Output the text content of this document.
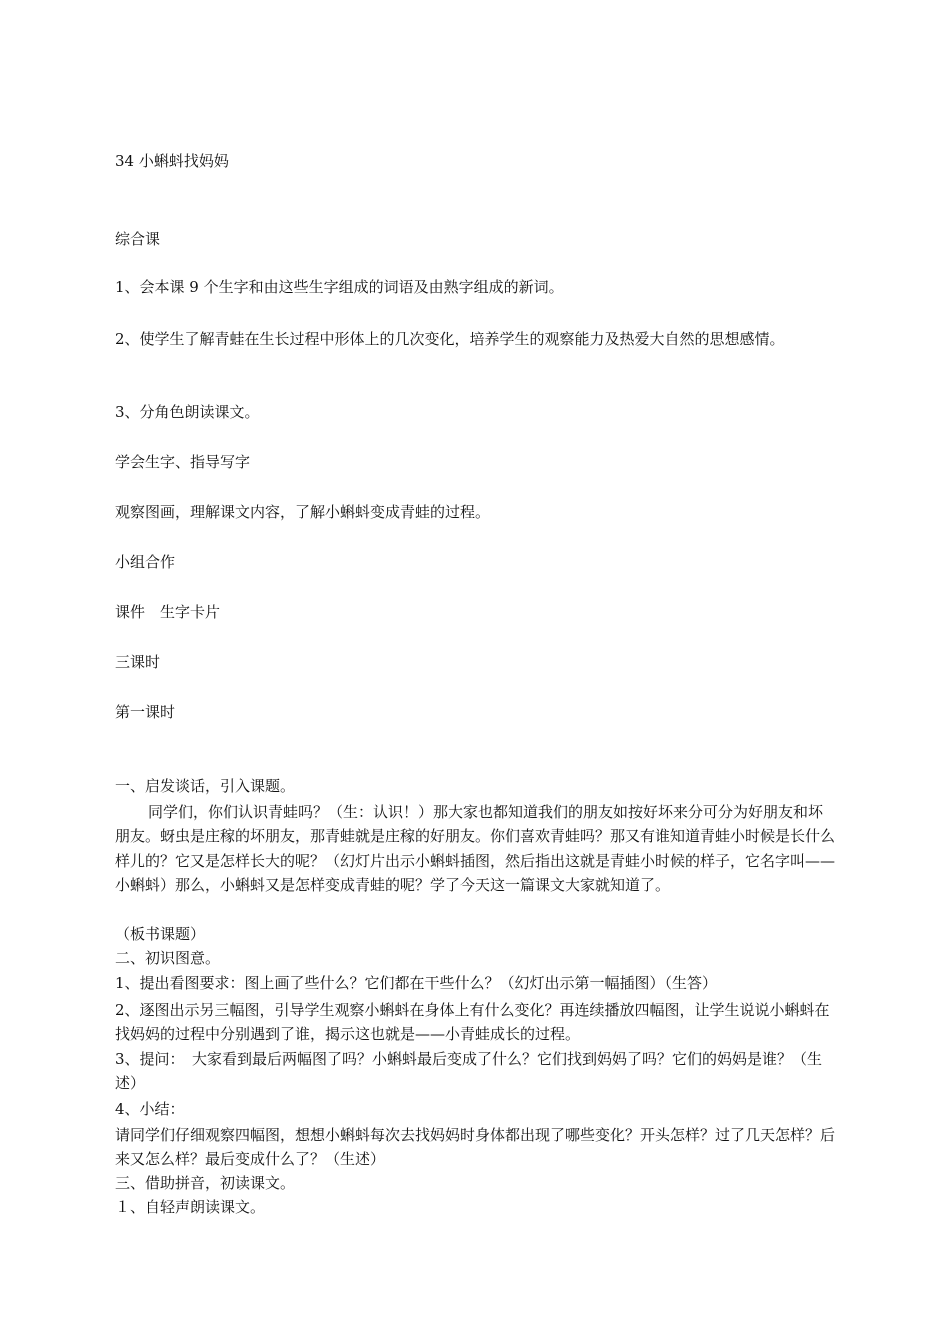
34 小蝌蚪找妈妈
综合课
1、会本课 9 个生字和由这些生字组成的词语及由熟字组成的新词。
2、使学生了解青蛙在生长过程中形体上的几次变化，培养学生的观察能力及热爱大自然的思想感情。
3、分角色朗读课文。
学会生字、指导写字
观察图画，理解课文内容，了解小蝌蚪变成青蛙的过程。
小组合作
课件　生字卡片
三课时
第一课时
一、启发谈话，引入课题。
同学们，你们认识青蛙吗？（生：认识！）那大家也都知道我们的朋友如按好坏来分可分为好朋友和坏朋友。蚜虫是庄稼的坏朋友，那青蛙就是庄稼的好朋友。你们喜欢青蛙吗？那又有谁知道青蛙小时候是长什么样儿的？它又是怎样长大的呢？（幻灯片出示小蝌蚪插图，然后指出这就是青蛙小时候的样子，它名字叫——小蝌蚪）那么，小蝌蚪又是怎样变成青蛙的呢？学了今天这一篇课文大家就知道了。
（板书课题）
二、初识图意。
1、提出看图要求：图上画了些什么？它们都在干些什么？（幻灯出示第一幅插图）（生答）
2、逐图出示另三幅图，引导学生观察小蝌蚪在身体上有什么变化？再连续播放四幅图，让学生说说小蝌蚪在找妈妈的过程中分别遇到了谁，揭示这也就是——小青蛙成长的过程。
3、提问：　大家看到最后两幅图了吗？小蝌蚪最后变成了什么？它们找到妈妈了吗？它们的妈妈是谁？（生述）
4、小结：
请同学们仔细观察四幅图，想想小蝌蚪每次去找妈妈时身体都出现了哪些变化？开头怎样？过了几天怎样？后来又怎么样？最后变成什么了？（生述）
三、借助拼音，初读课文。
１、自轻声朗读课文。
